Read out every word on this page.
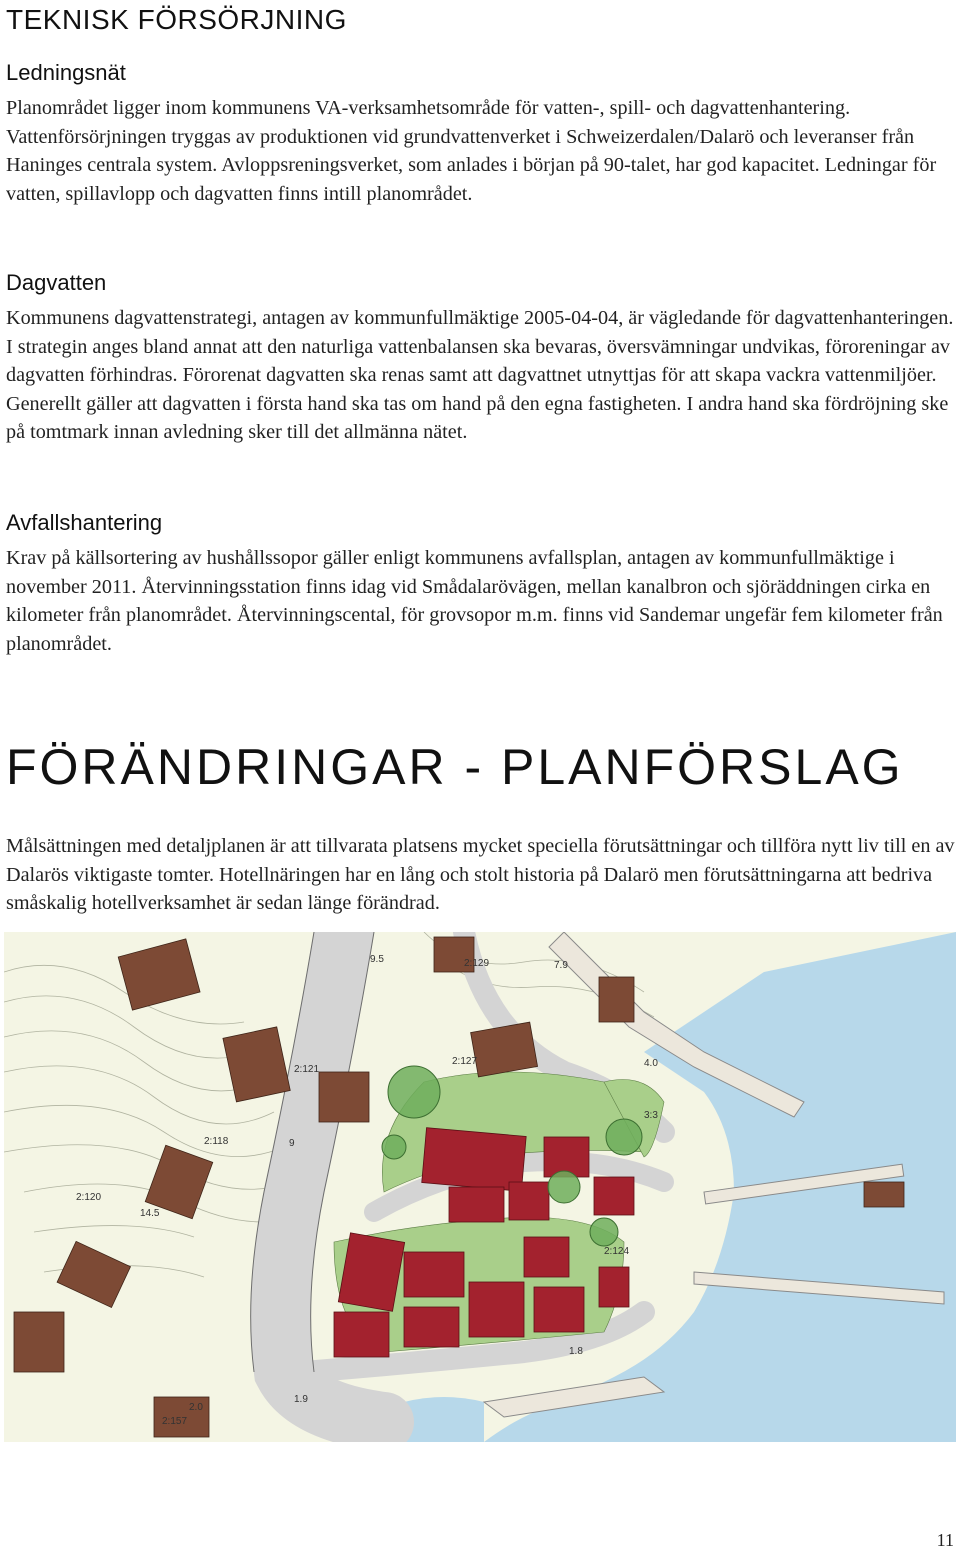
TEKNISK FÖRSÖRJNING
Ledningsnät

Planområdet ligger inom kommunens VA-verksamhetsområde för vatten-, spill- och dagvattenhantering. Vattenförsörjningen tryggas av produktionen vid grundvattenverket i Schweizerdalen/Dalarö och leveranser från Haninges centrala system. Avloppsreningsverket, som anlades i början på 90-talet, har god kapacitet. Ledningar för vatten, spillavlopp och dagvatten finns intill planområdet.

Dagvatten

Kommunens dagvattenstrategi, antagen av kommunfullmäktige 2005-04-04, är vägledande för dagvattenhanteringen. I strategin anges bland annat att den naturliga vattenbalansen ska bevaras, översvämningar undvikas, föroreningar av dagvatten förhindras. Förorenat dagvatten ska renas samt att dagvattnet utnyttjas för att skapa vackra vattenmiljöer. Generellt gäller att dagvatten i första hand ska tas om hand på den egna fastigheten. I andra hand ska fördröjning ske på tomtmark innan avledning sker till det allmänna nätet.

Avfallshantering

Krav på källsortering av hushållssopor gäller enligt kommunens avfallsplan, antagen av kommunfullmäktige i november 2011. Återvinningsstation finns idag vid Smådalarövägen, mellan kanalbron och sjöräddningen cirka en kilometer från planområdet. Återvinningscental, för grovsopor m.m. finns vid Sandemar ungefär fem kilometer från planområdet.

FÖRÄNDRINGAR - PLANFÖRSLAG

Målsättningen med detaljplanen är att tillvarata platsens mycket speciella förutsättningar och tillföra nytt liv till en av Dalarös viktigaste tomter. Hotellnäringen har en lång och stolt historia på Dalarö men förutsättningarna att bedriva småskalig hotellverksamhet är sedan länge förändrad.

2:129
2:127
2:120
2:124
2:118
2:157
2:121
3:3
9.5
7.9
9
14.5
1.8
1.9
2.0
4.0
11
